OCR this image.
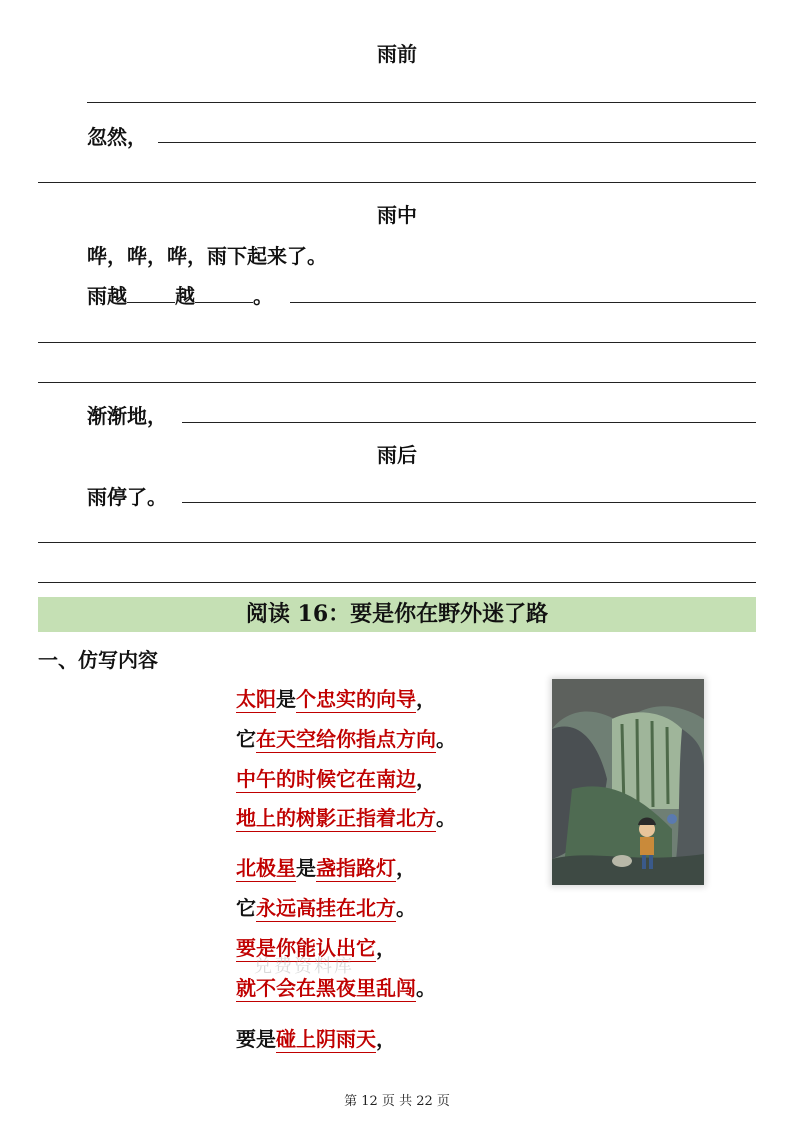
雨前
忽然，
雨中
哗，哗，哗，雨下起来了。
雨越 越	。
渐渐地，
雨后
雨停了。
阅读 16：要是你在野外迷了路
一、仿写内容
太阳是个忠实的向导，
它在天空给你指点方向。
中午的时候它在南边，
地上的树影正指着北方。
北极星是盏指路灯，
它永远高挂在北方。
要是你能认出它，
就不会在黑夜里乱闯。
要是碰上阴雨天，
兑费资料库
第 12 页 共 22 页
